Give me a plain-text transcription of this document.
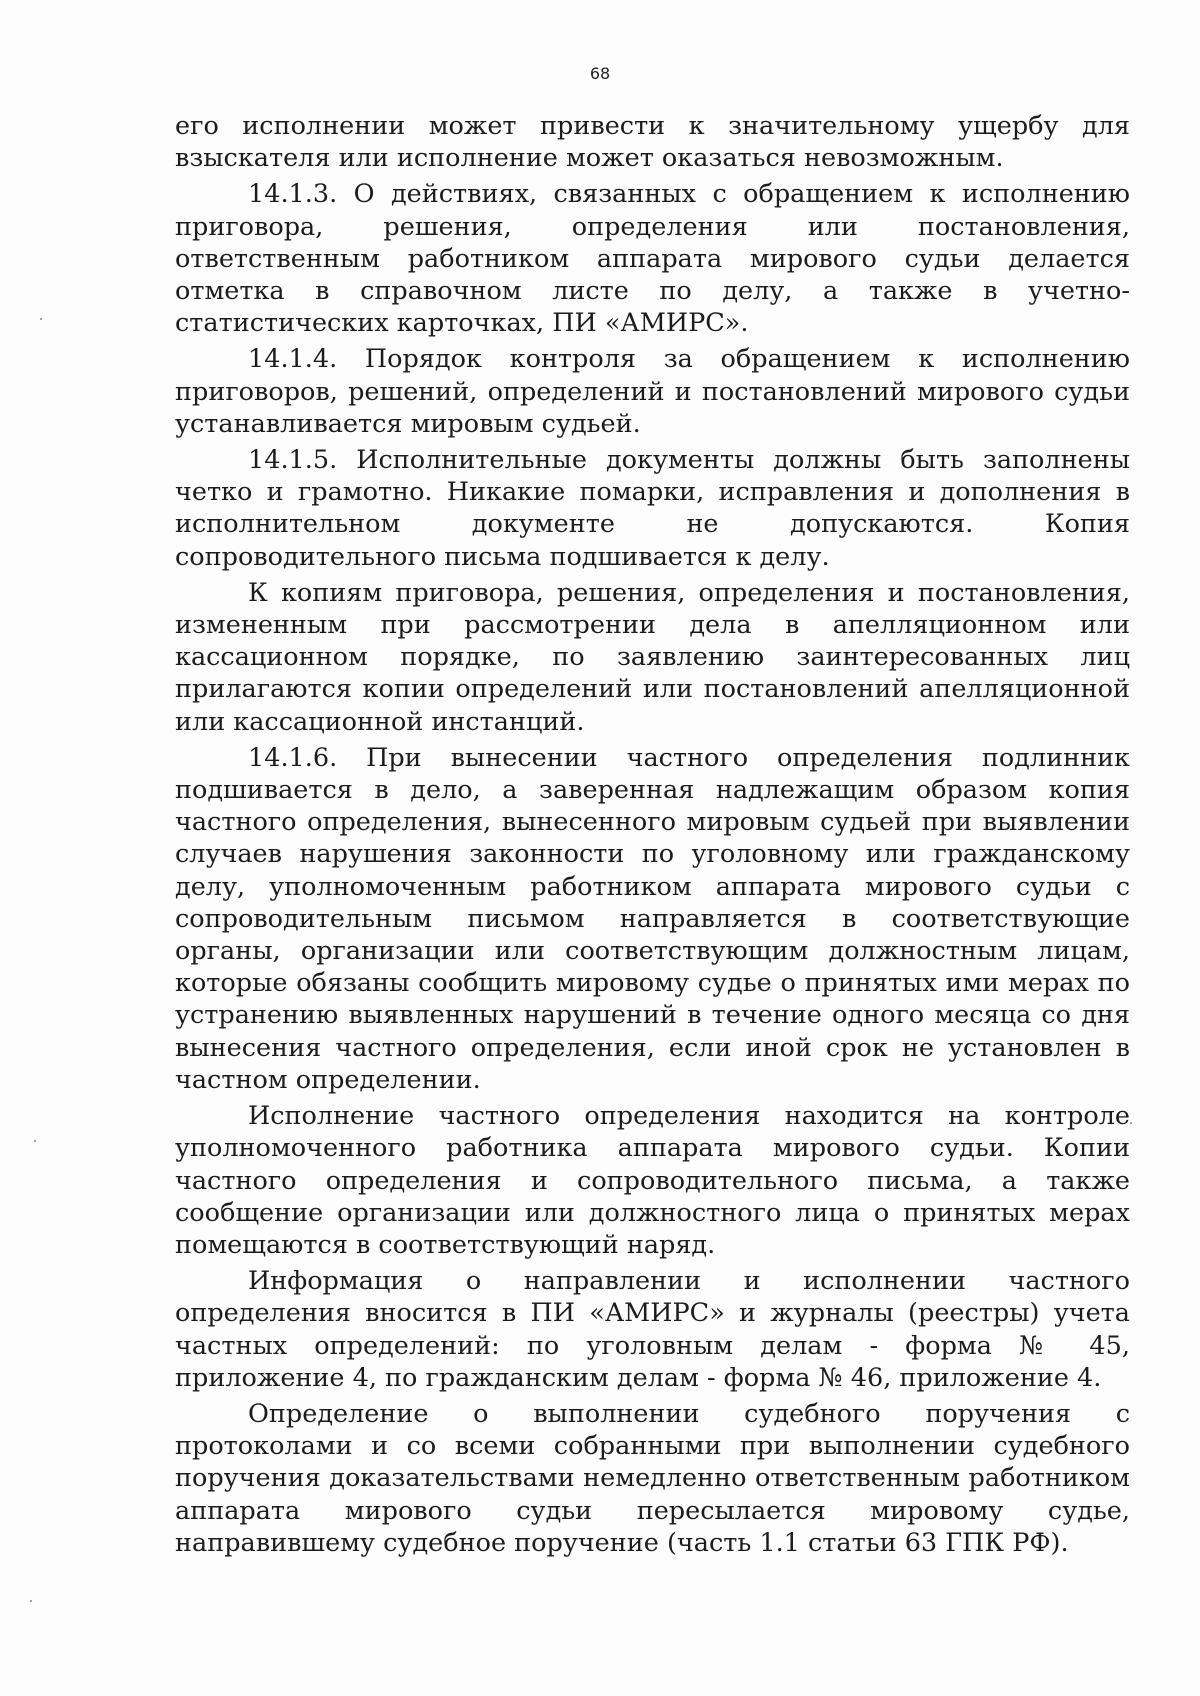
68

его исполнении может привести к значительному ущербу для взыскателя или исполнение может оказаться невозможным.

14.1.3. О действиях, связанных с обращением к исполнению приговора, решения, определения или постановления, ответственным работником аппарата мирового судьи делается отметка в справочном листе по делу, а также в учетно-статистических карточках, ПИ «АМИРС».

14.1.4. Порядок контроля за обращением к исполнению приговоров, решений, определений и постановлений мирового судьи устанавливается мировым судьей.

14.1.5. Исполнительные документы должны быть заполнены четко и грамотно. Никакие помарки, исправления и дополнения в исполнительном документе не допускаются. Копия сопроводительного письма подшивается к делу.

К копиям приговора, решения, определения и постановления, измененным при рассмотрении дела в апелляционном или кассационном порядке, по заявлению заинтересованных лиц прилагаются копии определений или постановлений апелляционной или кассационной инстанций.

14.1.6. При вынесении частного определения подлинник подшивается в дело, а заверенная надлежащим образом копия частного определения, вынесенного мировым судьей при выявлении случаев нарушения законности по уголовному или гражданскому делу, уполномоченным работником аппарата мирового судьи с сопроводительным письмом направляется в соответствующие органы, организации или соответствующим должностным лицам, которые обязаны сообщить мировому судье о принятых ими мерах по устранению выявленных нарушений в течение одного месяца со дня вынесения частного определения, если иной срок не установлен в частном определении.

Исполнение частного определения находится на контроле уполномоченного работника аппарата мирового судьи. Копии частного определения и сопроводительного письма, а также сообщение организации или должностного лица о принятых мерах помещаются в соответствующий наряд.

Информация о направлении и исполнении частного определения вносится в ПИ «АМИРС» и журналы (реестры) учета частных определений: по уголовным делам - форма № 45, приложение 4, по гражданским делам - форма № 46, приложение 4.

Определение о выполнении судебного поручения с протоколами и со всеми собранными при выполнении судебного поручения доказательствами немедленно ответственным работником аппарата мирового судьи пересылается мировому судье, направившему судебное поручение (часть 1.1 статьи 63 ГПК РФ).
